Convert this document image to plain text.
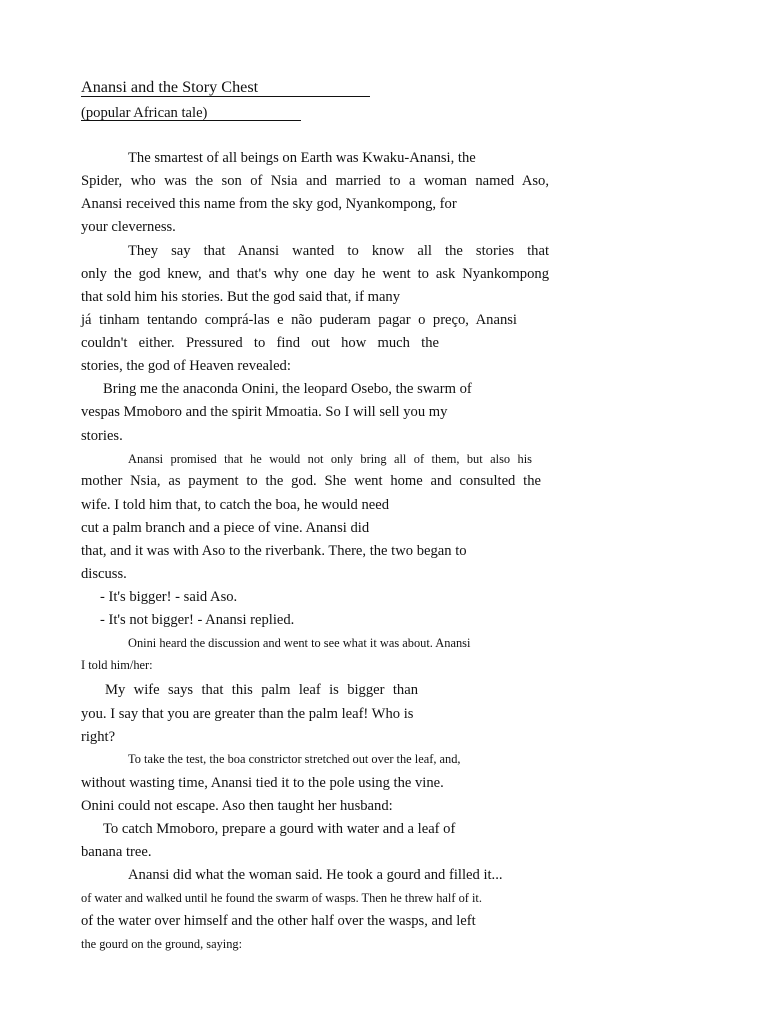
Anansi and the Story Chest
(popular African tale)
The smartest of all beings on Earth was Kwaku-Anansi, the
Spider, who was the son of Nsia and married to a woman named Aso,
Anansi received this name from the sky god, Nyankompong, for
your cleverness.
They say that Anansi wanted to know all the stories that
only the god knew, and that's why one day he went to ask Nyankompong
that sold him his stories. But the god said that, if many
já tinham tentando comprá-las e não puderam pagar o preço, Anansi
couldn't either. Pressured to find out how much the
stories, the god of Heaven revealed:
Bring me the anaconda Onini, the leopard Osebo, the swarm of
vespas Mmoboro and the spirit Mmoatia. So I will sell you my
stories.
Anansi promised that he would not only bring all of them, but also his
mother Nsia, as payment to the god. She went home and consulted the
wife. I told him that, to catch the boa, he would need
cut a palm branch and a piece of vine. Anansi did
that, and it was with Aso to the riverbank. There, the two began to
discuss.
- It's bigger! - said Aso.
- It's not bigger! - Anansi replied.
Onini heard the discussion and went to see what it was about. Anansi
I told him/her:
My wife says that this palm leaf is bigger than
you. I say that you are greater than the palm leaf! Who is
right?
To take the test, the boa constrictor stretched out over the leaf, and,
without wasting time, Anansi tied it to the pole using the vine.
Onini could not escape. Aso then taught her husband:
To catch Mmoboro, prepare a gourd with water and a leaf of
banana tree.
Anansi did what the woman said. He took a gourd and filled it...
of water and walked until he found the swarm of wasps. Then he threw half of it.
of the water over himself and the other half over the wasps, and left
the gourd on the ground, saying:
